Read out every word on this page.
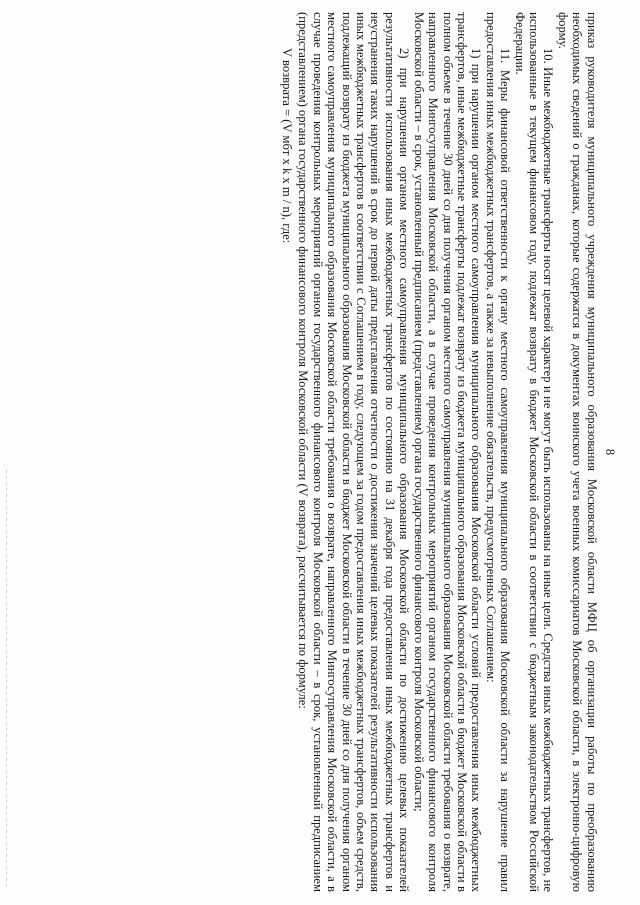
8

приказ руководителя муниципального учреждения муниципального образования Московской области МФЦ об организации работы по преобразованию необходимых сведений о гражданах, которые содержатся в документах воинского учета военных комиссариатов Московской области, в электронно-цифровую форму.

10. Иные межбюджетные трансферты носят целевой характер и не могут быть использованы на иные цели. Средства иных межбюджетных трансфертов, не использованные в текущем финансовом году, подлежат возврату в бюджет Московской области в соответствии с бюджетным законодательством Российской Федерации.

11. Меры финансовой ответственности к органу местного самоуправления муниципального образования Московской области за нарушение правил предоставления иных межбюджетных трансфертов, а также за невыполнение обязательств, предусмотренных Соглашением:

1) при нарушении органом местного самоуправления муниципального образования Московской области условий предоставления иных межбюджетных трансфертов, иные межбюджетные трансферты подлежат возврату из бюджета муниципального образования Московской области в бюджет Московской области в полном объеме в течение 30 дней со дня получения органом местного самоуправления муниципального образования Московской области требования о возврате, направленного Мингосуправления Московской области, а в случае проведения контрольных мероприятий органом государственного финансового контроля Московской области – в срок, установленный предписанием (представлением) органа государственного финансового контроля Московской области;

2) при нарушении органом местного самоуправления муниципального образования Московской области по достижению целевых показателей результативности использования иных межбюджетных трансфертов по состоянию на 31 декабря года предоставления иных межбюджетных трансфертов и неустранения таких нарушений в срок до первой даты представления отчетности о достижении значений целевых показателей результативности использования иных межбюджетных трансфертов в соответствии с Соглашением в году, следующем за годом предоставления иных межбюджетных трансфертов, объем средств, подлежащий возврату из бюджета муниципального образования Московской области в бюджет Московской области в течение 30 дней со дня получения органом местного самоуправления муниципального образования Московской области требования о возврате, направленного Мингосуправления Московской области, а в случае проведения контрольных мероприятий органом государственного финансового контроля Московской области – в срок, установленный предписанием (представлением) органа государственного финансового контроля Московской области (V возврата), рассчитывается по формуле:

V возврата = (V мбт x k x m / n), где:
